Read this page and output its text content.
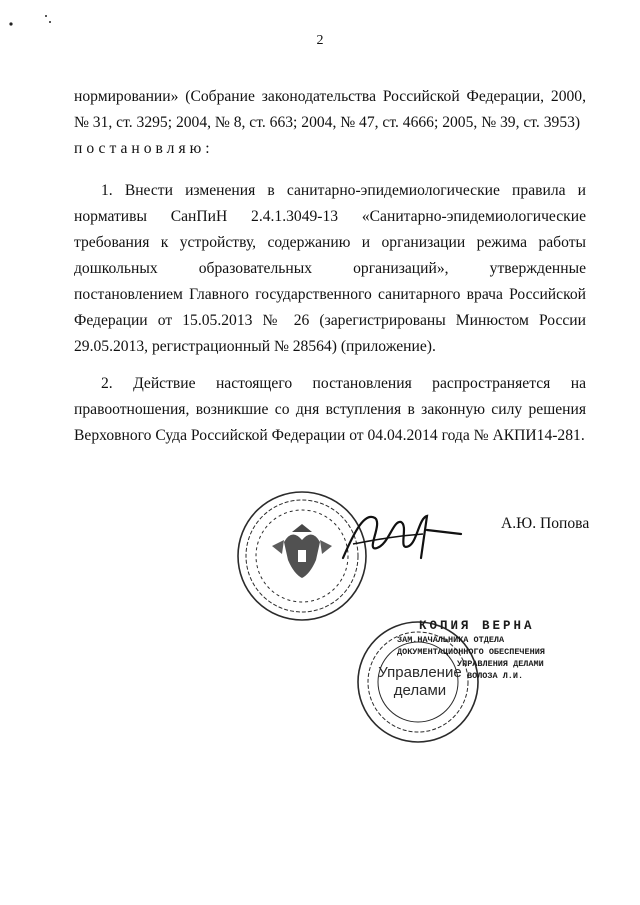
2
нормировании» (Собрание законодательства Российской Федерации, 2000, № 31, ст. 3295; 2004, № 8, ст. 663; 2004, № 47, ст. 4666; 2005, № 39, ст. 3953)
постановляю:
1. Внести изменения в санитарно-эпидемиологические правила и нормативы СанПиН 2.4.1.3049-13 «Санитарно-эпидемиологические требования к устройству, содержанию и организации режима работы дошкольных образовательных организаций», утвержденные постановлением Главного государственного санитарного врача Российской Федерации от 15.05.2013 № 26 (зарегистрированы Минюстом России 29.05.2013, регистрационный № 28564) (приложение).
2. Действие настоящего постановления распространяется на правоотношения, возникшие со дня вступления в законную силу решения Верховного Суда Российской Федерации от 04.04.2014 года № АКПИ14-281.
А.Ю. Попова
Управление делами
КОПИЯ ВЕРНА
ЗАМ.НАЧАЛЬНИКА ОТДЕЛА
ДОКУМЕНТАЦИОННОГО ОБЕСПЕЧЕНИЯ
УПРАВЛЕНИЯ ДЕЛАМИ
ВОЛОЗА Л.И.
